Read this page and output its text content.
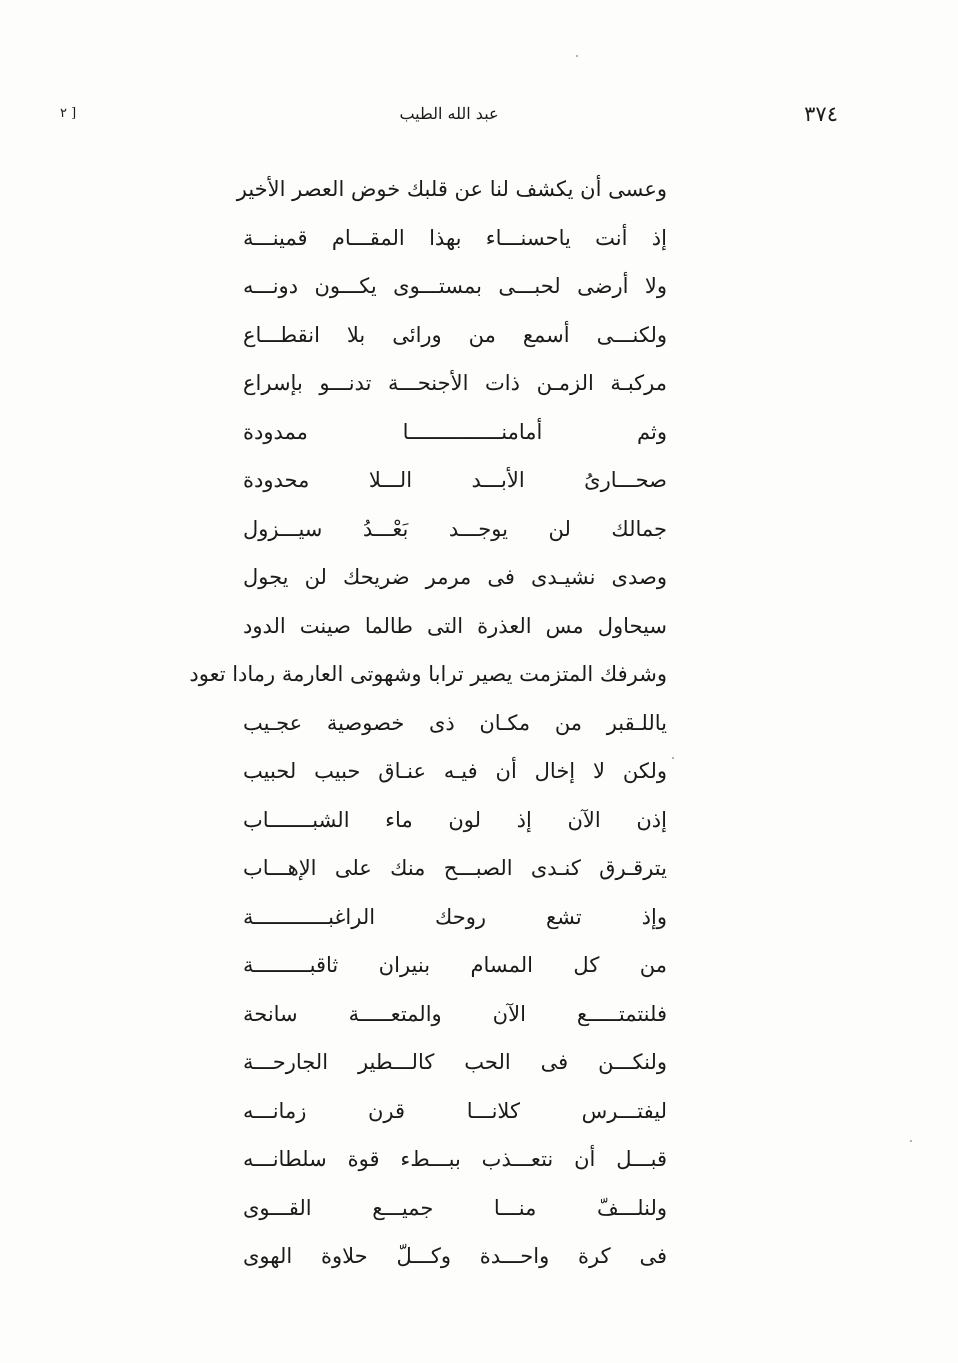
[ ٢	عبد الله الطيب	٣٧٤
وعسى أن يكشف لنا عن قلبك خوض العصر الأخير
إذ أنت ياحسنـــاء بهذا المقـــام قمينـــة
ولا أرضى لحبـــى بمستـــوى يكـــون دونـــه
ولكنـــى أسمع من ورائى بلا انقطـــاع
مركبـة الزمـن ذات الأجنحـــة تدنـــو بإسراع
وثم أمامنـــــــــــــــا ممدودة
صحـــارىُ الأبـــد الـــلا محدودة
جمالك لن يوجـــد بَعْـــدُ سيـــزول
وصدى نشيـدى فى مرمر ضريحك لن يجول
سيحاول مس العذرة التى طالما صينت الدود
وشرفك المتزمت يصير ترابا وشهوتى العارمة رمادا تعود
ياللـقبر من مكـان ذى خصوصية عجـيب
ولكن لا إخال أن فيـه عنـاق حبيب لحبيب
إذن الآن إذ لون ماء الشبـــــــاب
يترقـرق كنـدى الصبـــح منك على الإهـــاب
وإذ تشع روحك الراغبــــــــــــة
من كل المسام بنيران ثاقبـــــــــة
فلنتمتـــــع الآن والمتعـــــة سانحة
ولنكـــن فى الحب كالـــطير الجارحـــة
ليفتـــرس كلانـــا قرن زمانـــه
قبـــل أن نتعـــذب ببـــطء قوة سلطانـــه
ولنلـــفّ منـــا جميـــع القـــوى
فى كرة واحـــدة وكـــلّ حلاوة الهوى
